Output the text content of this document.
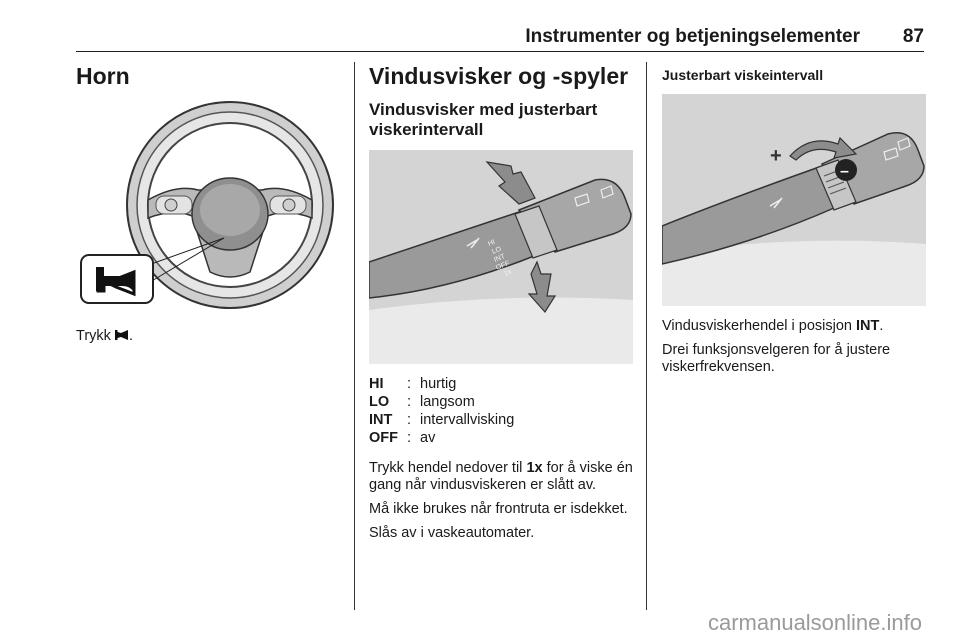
Instrumenter og betjeningselementer 87
Horn

Trykk .

Vindusvisker og -spyler
Vindusvisker med justerbart viskerintervall
HI
LO
INT
OFF
1x
HI : hurtig
LO : langsom
INT : intervallvisking
OFF : av

Trykk hendel nedover til 1x for å viske én gang når vindusviskeren er slått av.

Må ikke brukes når frontruta er isdekket.

Slås av i vaskeautomater.

Justerbart viskeintervall
+
–

Vindusviskerhendel i posisjon INT.

Drei funksjonsvelgeren for å justere viskerfrekvensen.

carmanualsonline.info
